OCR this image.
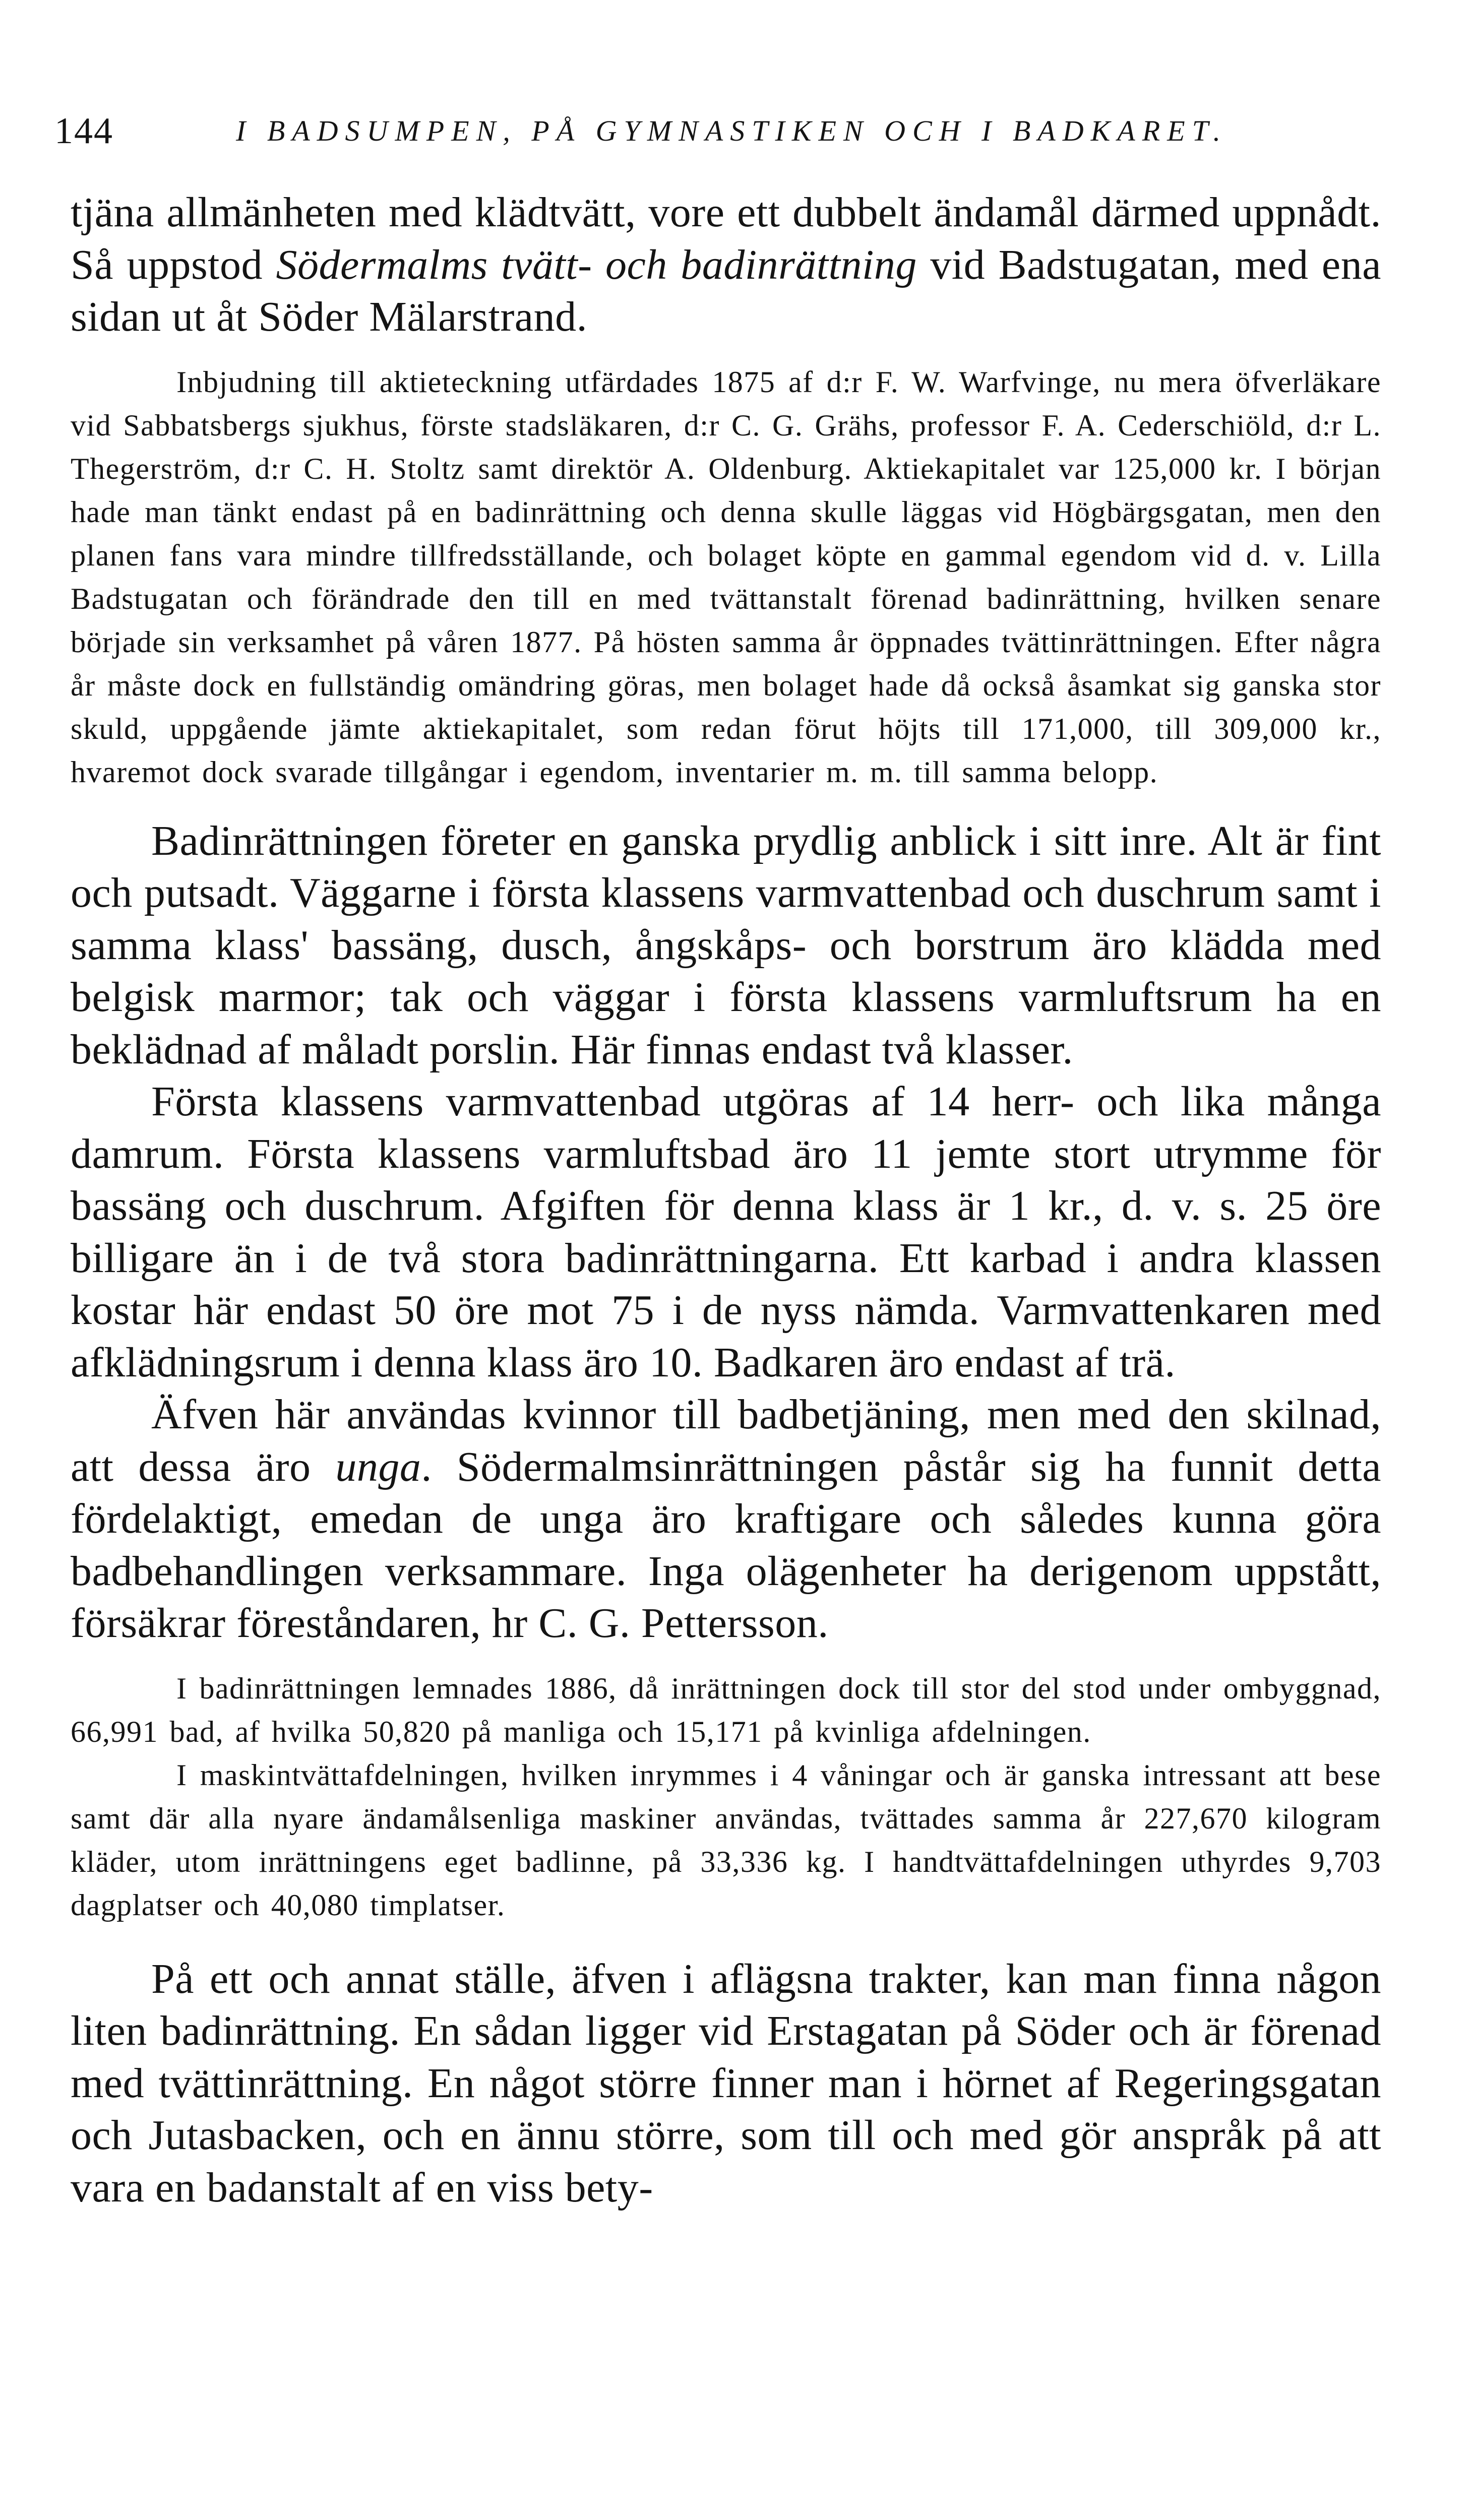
144	I BADSUMPEN, PÅ GYMNASTIKEN OCH I BADKARET.

tjäna allmänheten med klädtvätt, vore ett dubbelt ändamål därmed uppnådt. Så uppstod Södermalms tvätt- och badinrättning vid Badstugatan, med ena sidan ut åt Söder Mälarstrand.

Inbjudning till aktieteckning utfärdades 1875 af d:r F. W. Warfvinge, nu mera öfverläkare vid Sabbatsbergs sjukhus, förste stadsläkaren, d:r C. G. Grähs, professor F. A. Cederschiöld, d:r L. Thegerström, d:r C. H. Stoltz samt direktör A. Oldenburg. Aktiekapitalet var 125,000 kr. I början hade man tänkt endast på en badinrättning och denna skulle läggas vid Högbärgsgatan, men den planen fans vara mindre tillfredsställande, och bolaget köpte en gammal egendom vid d. v. Lilla Badstugatan och förändrade den till en med tvättanstalt förenad badinrättning, hvilken senare började sin verksamhet på våren 1877. På hösten samma år öppnades tvättinrättningen. Efter några år måste dock en fullständig omändring göras, men bolaget hade då också åsamkat sig ganska stor skuld, uppgående jämte aktiekapitalet, som redan förut höjts till 171,000, till 309,000 kr., hvaremot dock svarade tillgångar i egendom, inventarier m. m. till samma belopp.

Badinrättningen företer en ganska prydlig anblick i sitt inre. Alt är fint och putsadt. Väggarne i första klassens varmvattenbad och duschrum samt i samma klass' bassäng, dusch, ångskåps- och borstrum äro klädda med belgisk marmor; tak och väggar i första klassens varmluftsrum ha en beklädnad af måladt porslin. Här finnas endast två klasser.

Första klassens varmvattenbad utgöras af 14 herr- och lika många damrum. Första klassens varmluftsbad äro 11 jemte stort utrymme för bassäng och duschrum. Afgiften för denna klass är 1 kr., d. v. s. 25 öre billigare än i de två stora badinrättningarna. Ett karbad i andra klassen kostar här endast 50 öre mot 75 i de nyss nämda. Varmvattenkaren med afklädningsrum i denna klass äro 10. Badkaren äro endast af trä.

Äfven här användas kvinnor till badbetjäning, men med den skilnad, att dessa äro unga. Södermalmsinrättningen påstår sig ha funnit detta fördelaktigt, emedan de unga äro kraftigare och således kunna göra badbehandlingen verksammare. Inga olägenheter ha derigenom uppstått, försäkrar föreståndaren, hr C. G. Pettersson.

I badinrättningen lemnades 1886, då inrättningen dock till stor del stod under ombyggnad, 66,991 bad, af hvilka 50,820 på manliga och 15,171 på kvinliga afdelningen.

I maskintvättafdelningen, hvilken inrymmes i 4 våningar och är ganska intressant att bese samt där alla nyare ändamålsenliga maskiner användas, tvättades samma år 227,670 kilogram kläder, utom inrättningens eget badlinne, på 33,336 kg. I handtvättafdelningen uthyrdes 9,703 dagplatser och 40,080 timplatser.

På ett och annat ställe, äfven i aflägsna trakter, kan man finna någon liten badinrättning. En sådan ligger vid Erstagatan på Söder och är förenad med tvättinrättning. En något större finner man i hörnet af Regeringsgatan och Jutasbacken, och en ännu större, som till och med gör anspråk på att vara en badanstalt af en viss bety-
